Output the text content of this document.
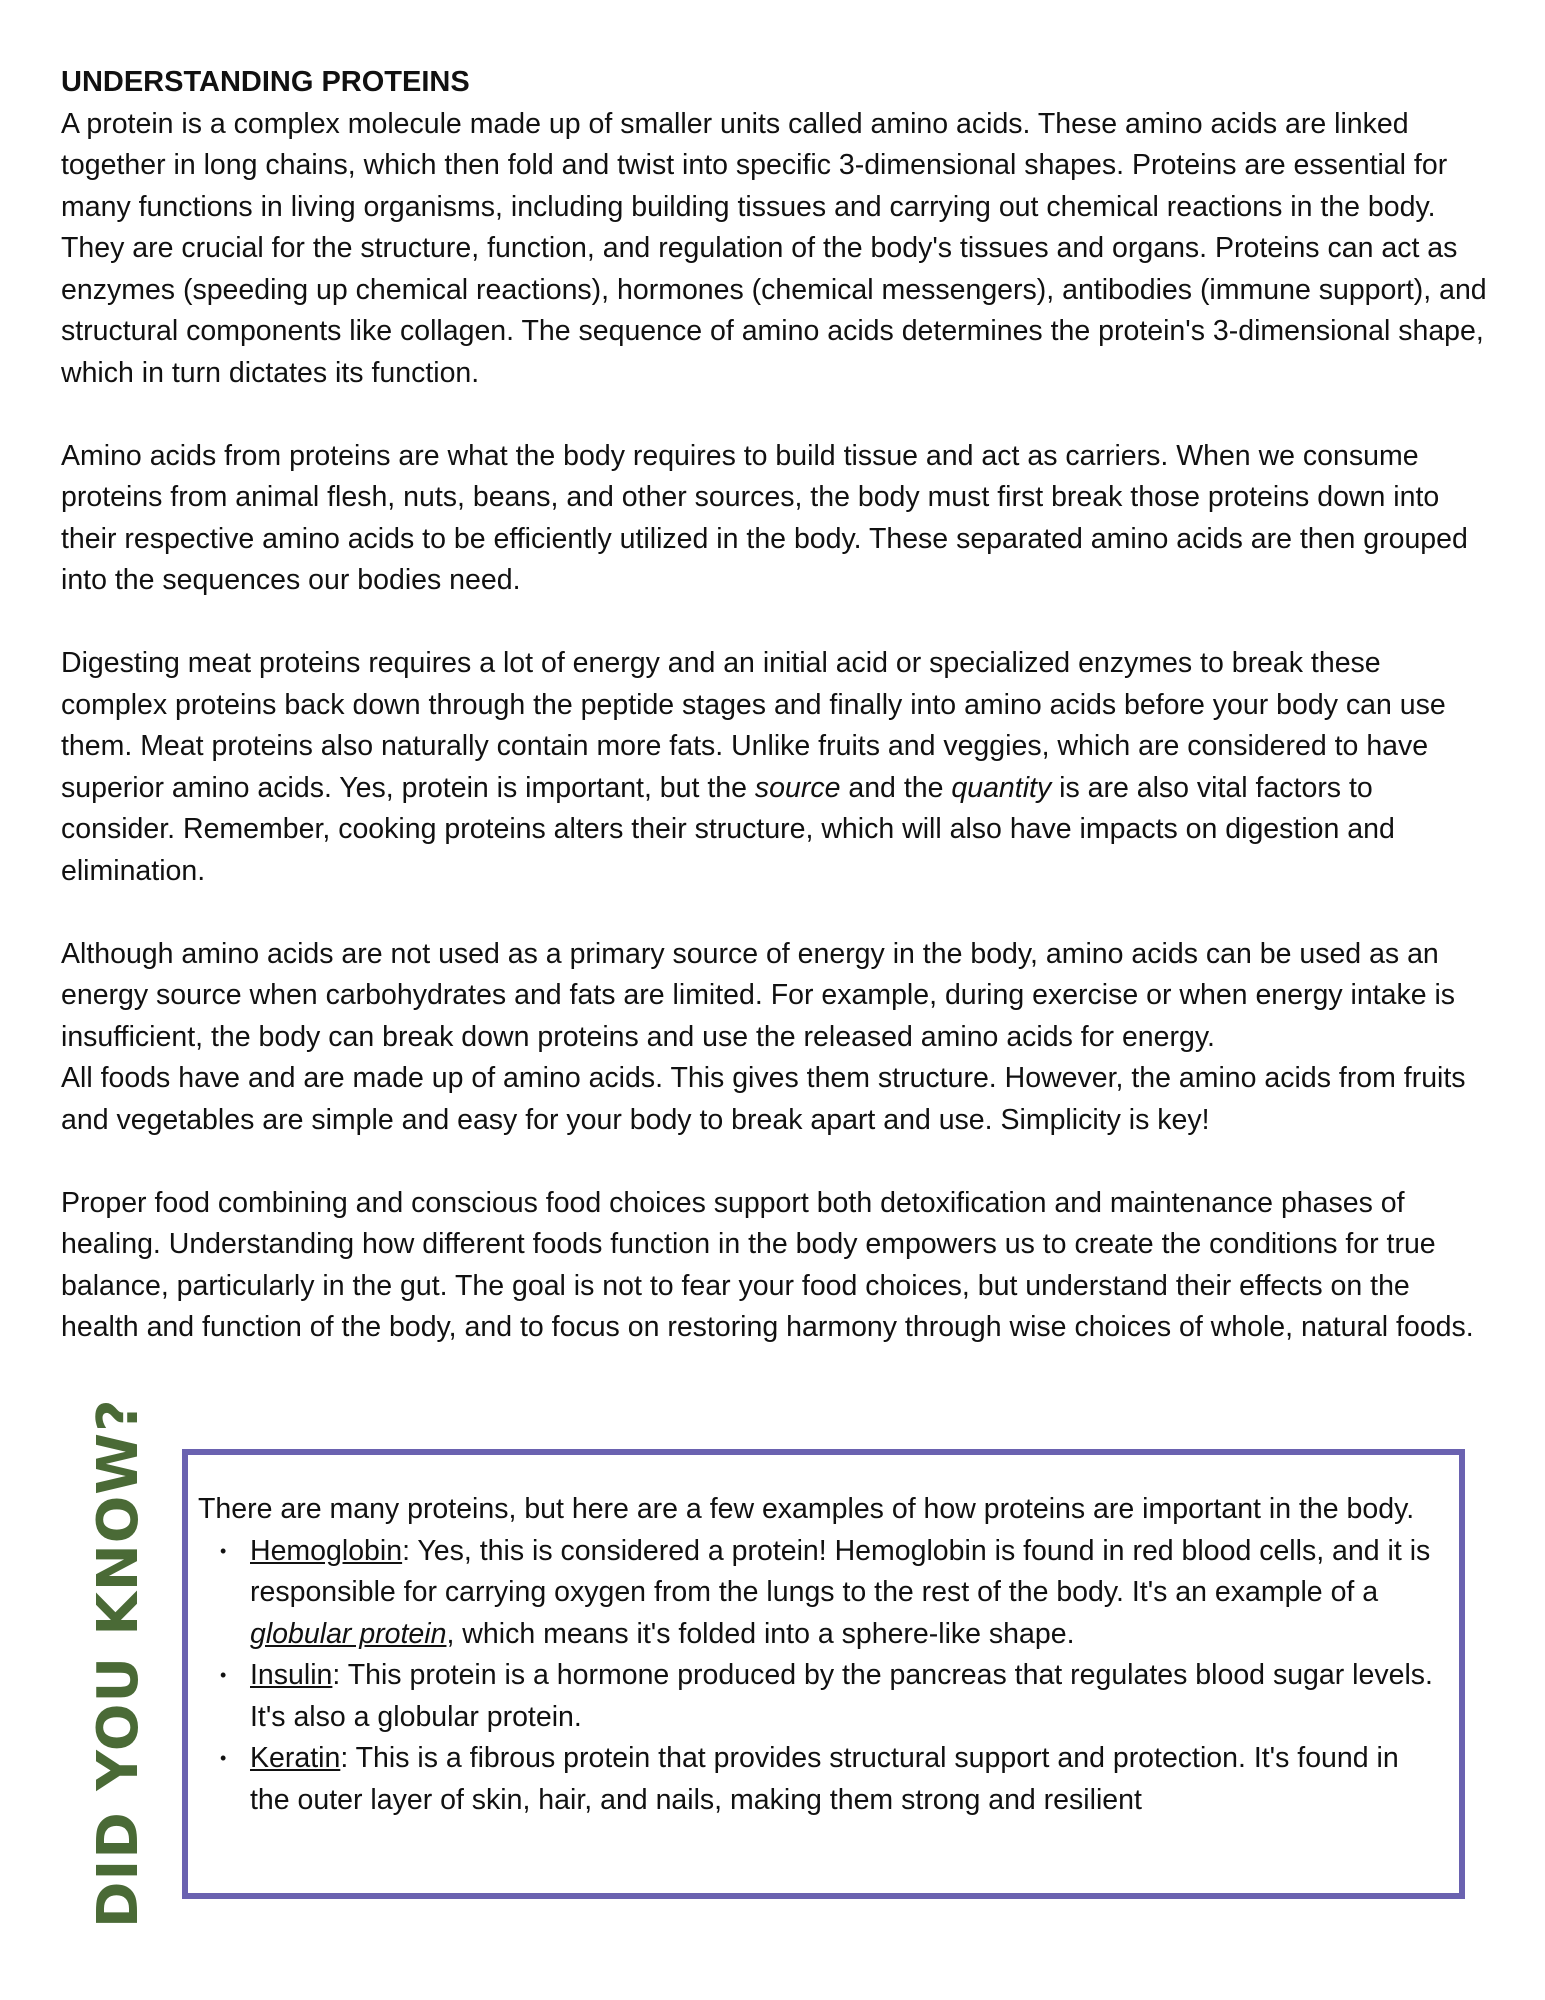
UNDERSTANDING PROTEINS

A protein is a complex molecule made up of smaller units called amino acids. These amino acids are linked together in long chains, which then fold and twist into specific 3-dimensional shapes. Proteins are essential for many functions in living organisms, including building tissues and carrying out chemical reactions in the body. They are crucial for the structure, function, and regulation of the body's tissues and organs. Proteins can act as enzymes (speeding up chemical reactions), hormones (chemical messengers), antibodies (immune support), and structural components like collagen. The sequence of amino acids determines the protein's 3-dimensional shape, which in turn dictates its function.

Amino acids from proteins are what the body requires to build tissue and act as carriers. When we consume proteins from animal flesh, nuts, beans, and other sources, the body must first break those proteins down into their respective amino acids to be efficiently utilized in the body. These separated amino acids are then grouped into the sequences our bodies need.

Digesting meat proteins requires a lot of energy and an initial acid or specialized enzymes to break these complex proteins back down through the peptide stages and finally into amino acids before your body can use them. Meat proteins also naturally contain more fats. Unlike fruits and veggies, which are considered to have superior amino acids. Yes, protein is important, but the source and the quantity is are also vital factors to consider. Remember, cooking proteins alters their structure, which will also have impacts on digestion and elimination.

Although amino acids are not used as a primary source of energy in the body, amino acids can be used as an energy source when carbohydrates and fats are limited. For example, during exercise or when energy intake is insufficient, the body can break down proteins and use the released amino acids for energy.
All foods have and are made up of amino acids. This gives them structure. However, the amino acids from fruits and vegetables are simple and easy for your body to break apart and use. Simplicity is key!

Proper food combining and conscious food choices support both detoxification and maintenance phases of healing. Understanding how different foods function in the body empowers us to create the conditions for true balance, particularly in the gut. The goal is not to fear your food choices, but understand their effects on the health and function of the body, and to focus on restoring harmony through wise choices of whole, natural foods.

DID YOU KNOW?	There are many proteins, but here are a few examples of how proteins are important in the body.
• Hemoglobin: Yes, this is considered a protein! Hemoglobin is found in red blood cells, and it is responsible for carrying oxygen from the lungs to the rest of the body. It's an example of a globular protein, which means it's folded into a sphere-like shape.
• Insulin: This protein is a hormone produced by the pancreas that regulates blood sugar levels. It's also a globular protein.
• Keratin: This is a fibrous protein that provides structural support and protection. It's found in the outer layer of skin, hair, and nails, making them strong and resilient
